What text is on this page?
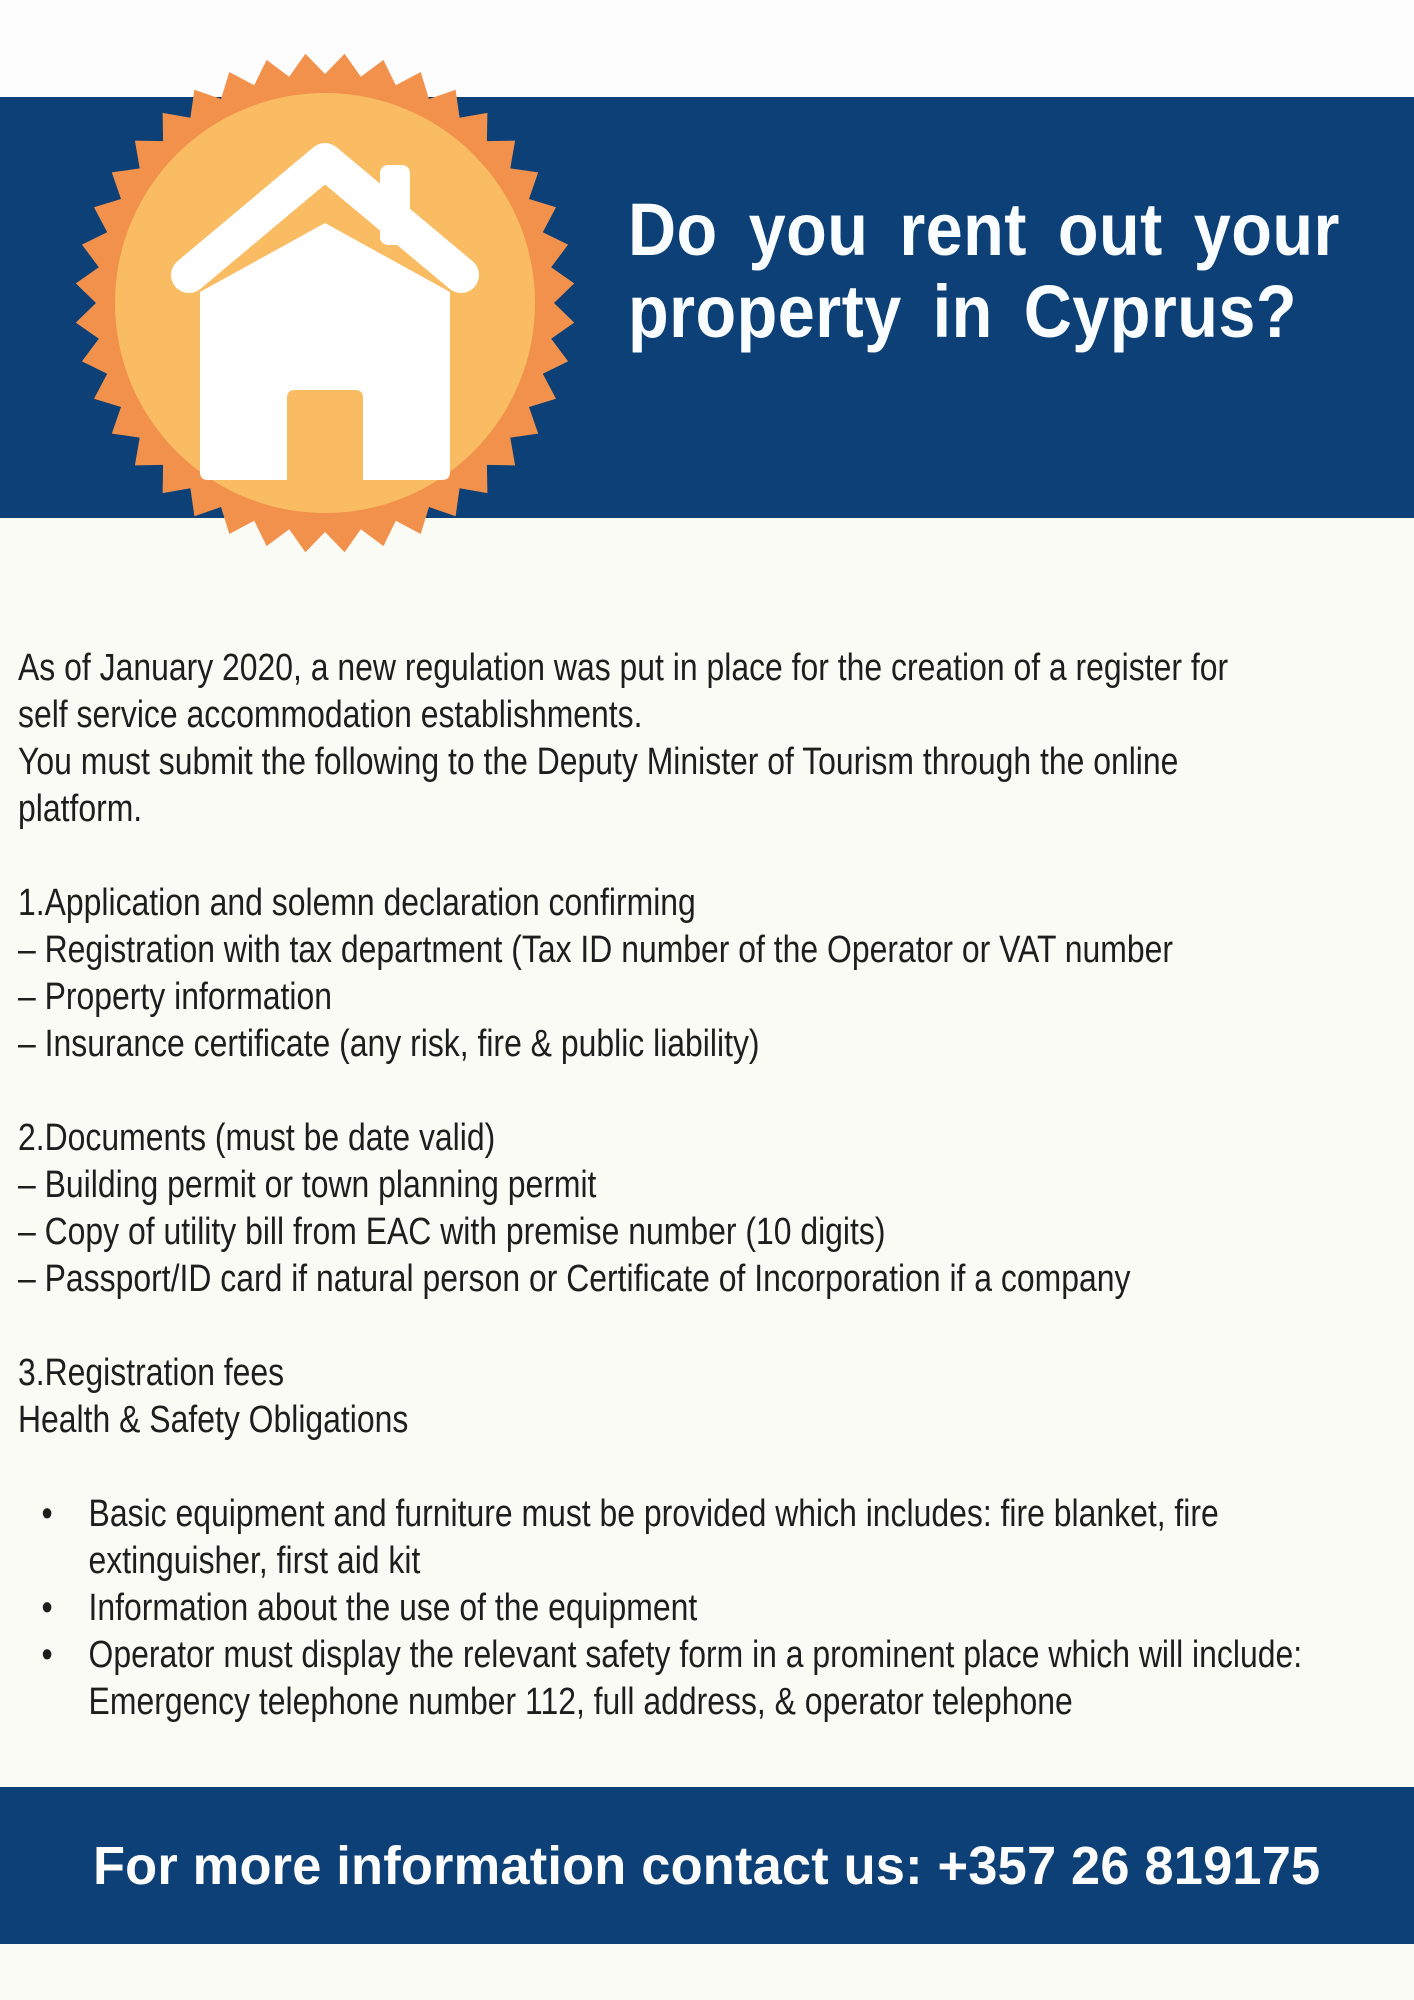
Do you rent out your
property in Cyprus?

As of January 2020, a new regulation was put in place for the creation of a register for
self service accommodation establishments.
You must submit the following to the Deputy Minister of Tourism through the online
platform.

1.Application and solemn declaration confirming
– Registration with tax department (Tax ID number of the Operator or VAT number
– Property information
– Insurance certificate (any risk, fire & public liability)
2.Documents (must be date valid)
– Building permit or town planning permit
– Copy of utility bill from EAC with premise number (10 digits)
– Passport/ID card if natural person or Certificate of Incorporation if a company
3.Registration fees
Health & Safety Obligations
• Basic equipment and furniture must be provided which includes: fire blanket, fire extinguisher, first aid kit
• Information about the use of the equipment
• Operator must display the relevant safety form in a prominent place which will include: Emergency telephone number 112, full address, & operator telephone
For more information contact us: +357 26 819175
